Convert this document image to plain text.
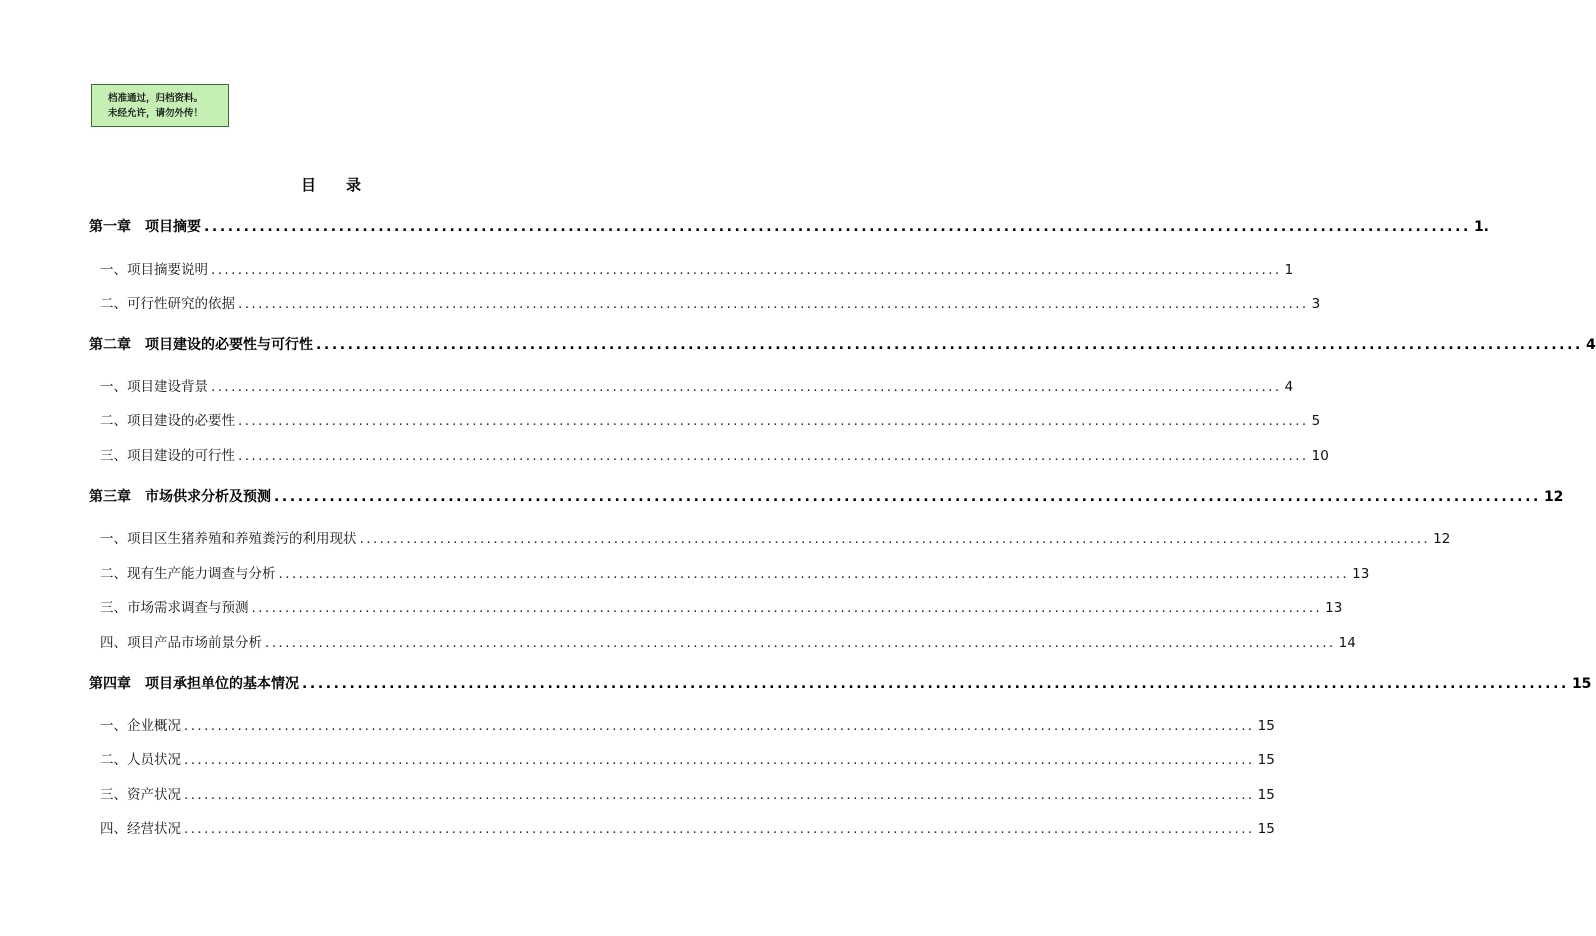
档准通过，归档资料。
未经允许，请勿外传！
目 录
第一章 项目摘要 ................................................................................................................................................................ 1.
一、项目摘要说明 ................................................................................................................................................................ 1
二、可行性研究的依据 ................................................................................................................................................................ 3
第二章 项目建设的必要性与可行性 ................................................................................................................................................................ 4
一、项目建设背景 ................................................................................................................................................................ 4
二、项目建设的必要性 ................................................................................................................................................................ 5
三、项目建设的可行性 ................................................................................................................................................................ 10
第三章 市场供求分析及预测 ................................................................................................................................................................ 12
一、项目区生猪养殖和养殖粪污的利用现状 ................................................................................................................................................................ 12
二、现有生产能力调查与分析 ................................................................................................................................................................ 13
三、市场需求调查与预测 ................................................................................................................................................................ 13
四、项目产品市场前景分析 ................................................................................................................................................................ 14
第四章 项目承担单位的基本情况 ................................................................................................................................................................ 15
一、企业概况 ................................................................................................................................................................ 15
二、人员状况 ................................................................................................................................................................ 15
三、资产状况 ................................................................................................................................................................ 15
四、经营状况 ................................................................................................................................................................ 15
